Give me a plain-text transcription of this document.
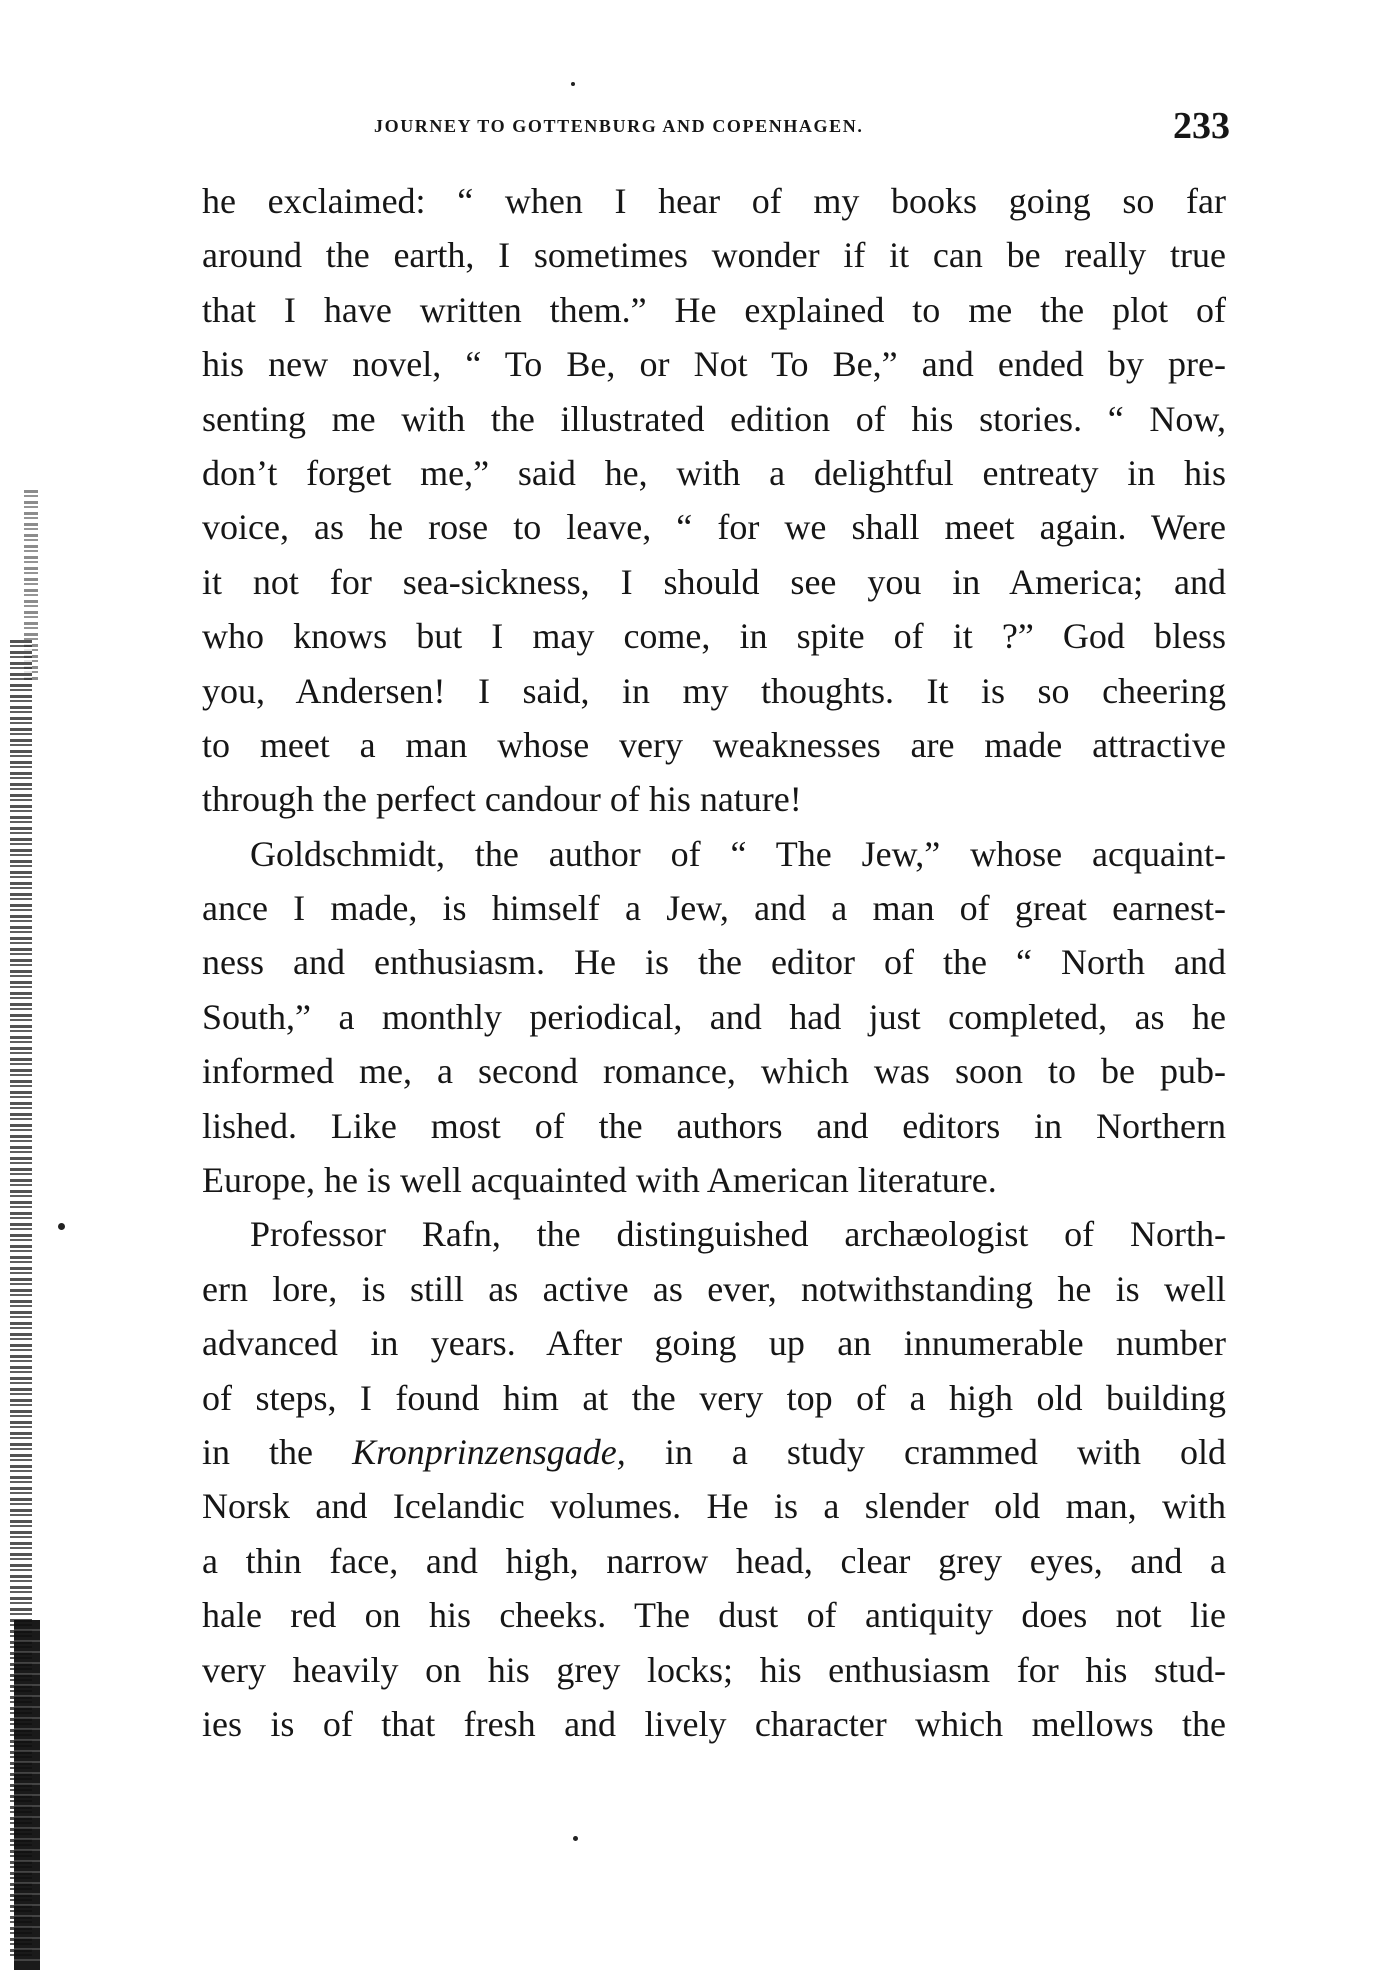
JOURNEY TO GOTTENBURG AND COPENHAGEN.	233
he exclaimed: “ when I hear of my books going so far
around the earth, I sometimes wonder if it can be really true
that I have written them.” He explained to me the plot of
his new novel, “ To Be, or Not To Be,” and ended by pre-
senting me with the illustrated edition of his stories. “ Now,
don’t forget me,” said he, with a delightful entreaty in his
voice, as he rose to leave, “ for we shall meet again. Were
it not for sea-sickness, I should see you in America; and
who knows but I may come, in spite of it ?” God bless
you, Andersen! I said, in my thoughts. It is so cheering
to meet a man whose very weaknesses are made attractive
through the perfect candour of his nature!
Goldschmidt, the author of “ The Jew,” whose acquaint-
ance I made, is himself a Jew, and a man of great earnest-
ness and enthusiasm. He is the editor of the “ North and
South,” a monthly periodical, and had just completed, as he
informed me, a second romance, which was soon to be pub-
lished. Like most of the authors and editors in Northern
Europe, he is well acquainted with American literature.
Professor Rafn, the distinguished archæologist of North-
ern lore, is still as active as ever, notwithstanding he is well
advanced in years. After going up an innumerable number
of steps, I found him at the very top of a high old building
in the Kronprinzensgade, in a study crammed with old
Norsk and Icelandic volumes. He is a slender old man, with
a thin face, and high, narrow head, clear grey eyes, and a
hale red on his cheeks. The dust of antiquity does not lie
very heavily on his grey locks; his enthusiasm for his stud-
ies is of that fresh and lively character which mellows the
